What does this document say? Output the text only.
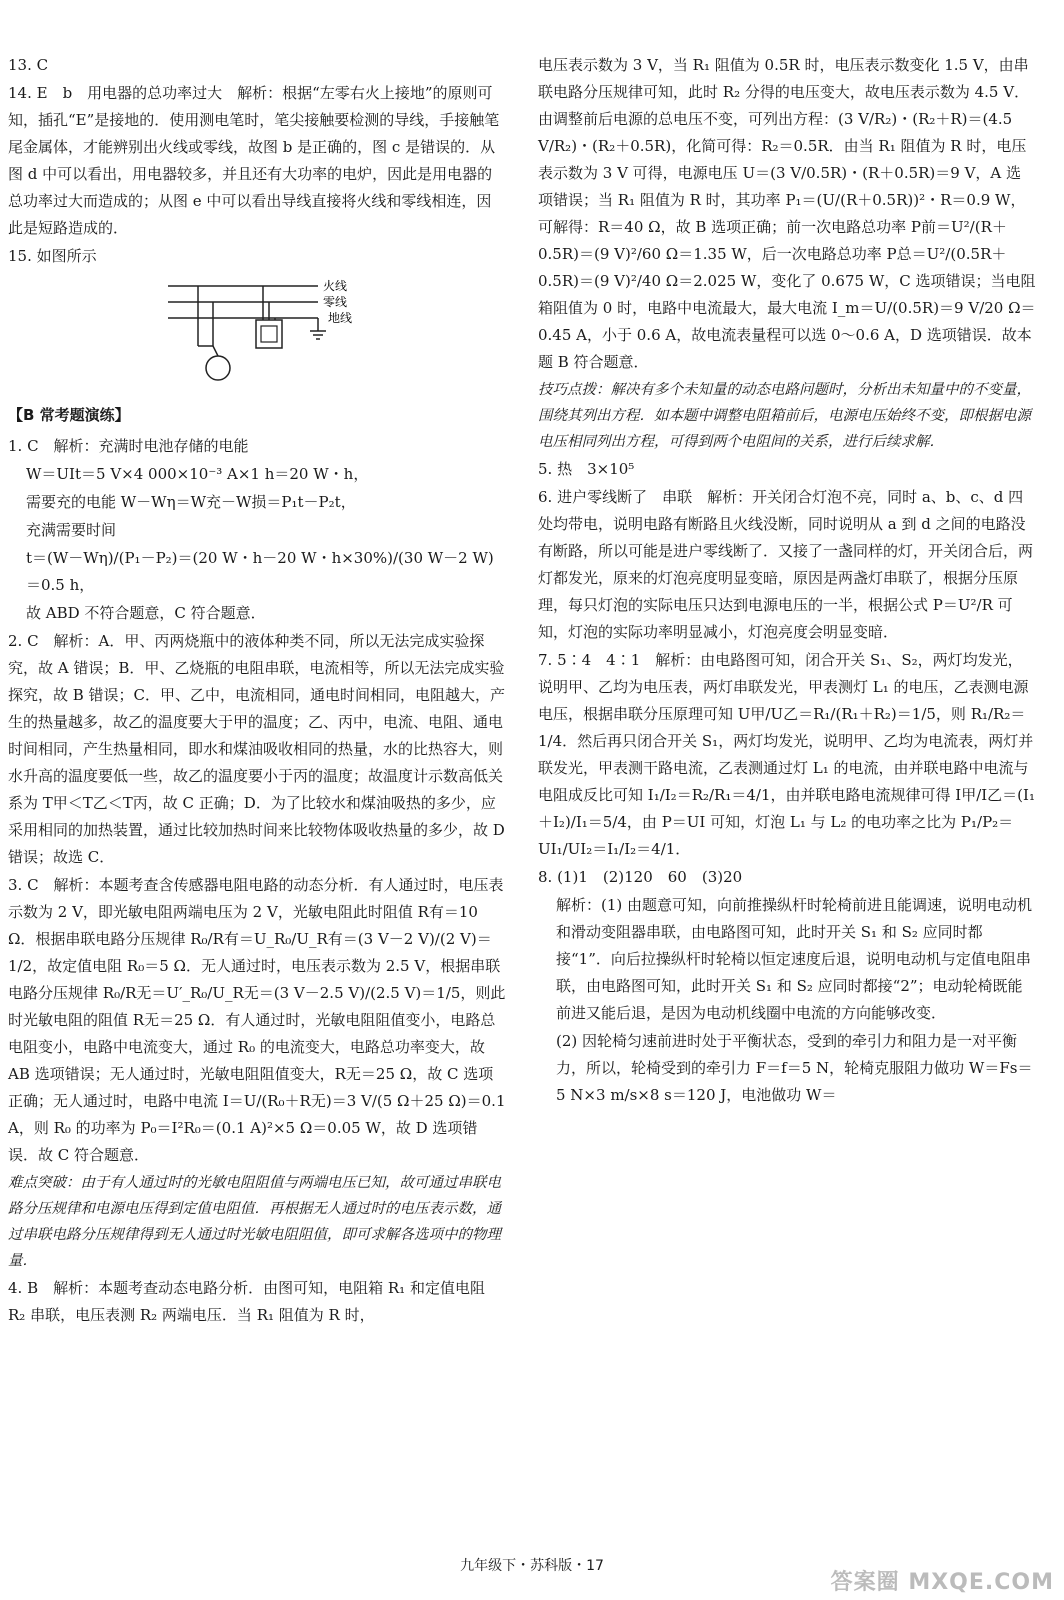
13. C

14. E　b　用电器的总功率过大　解析：根据“左零右火上接地”的原则可知，插孔“E”是接地的．使用测电笔时，笔尖接触要检测的导线，手接触笔尾金属体，才能辨别出火线或零线，故图 b 是正确的，图 c 是错误的．从图 d 中可以看出，用电器较多，并且还有大功率的电炉，因此是用电器的总功率过大而造成的；从图 e 中可以看出导线直接将火线和零线相连，因此是短路造成的．

15. 如图所示

火线
零线
地线

【B 常考题演练】

1. C　解析：充满时电池存储的电能

W＝UIt＝5 V×4 000×10⁻³ A×1 h＝20 W・h，

需要充的电能 W－Wη＝W充－W损＝P₁t－P₂t，

充满需要时间

t＝(W－Wη)/(P₁－P₂)＝(20 W・h－20 W・h×30%)/(30 W－2 W)＝0.5 h，

故 ABD 不符合题意，C 符合题意．

2. C　解析：A．甲、丙两烧瓶中的液体种类不同，所以无法完成实验探究，故 A 错误；B．甲、乙烧瓶的电阻串联，电流相等，所以无法完成实验探究，故 B 错误；C．甲、乙中，电流相同，通电时间相同，电阻越大，产生的热量越多，故乙的温度要大于甲的温度；乙、丙中，电流、电阻、通电时间相同，产生热量相同，即水和煤油吸收相同的热量，水的比热容大，则水升高的温度要低一些，故乙的温度要小于丙的温度；故温度计示数高低关系为 T甲＜T乙＜T丙，故 C 正确；D．为了比较水和煤油吸热的多少，应采用相同的加热装置，通过比较加热时间来比较物体吸收热量的多少，故 D 错误；故选 C．

3. C　解析：本题考查含传感器电阻电路的动态分析．有人通过时，电压表示数为 2 V，即光敏电阻两端电压为 2 V，光敏电阻此时阻值 R有＝10 Ω．根据串联电路分压规律 R₀/R有＝U_R₀/U_R有＝(3 V－2 V)/(2 V)＝1/2，故定值电阻 R₀＝5 Ω．无人通过时，电压表示数为 2.5 V，根据串联电路分压规律 R₀/R无＝U′_R₀/U_R无＝(3 V－2.5 V)/(2.5 V)＝1/5，则此时光敏电阻的阻值 R无＝25 Ω．有人通过时，光敏电阻阻值变小，电路总电阻变小，电路中电流变大，通过 R₀ 的电流变大，电路总功率变大，故 AB 选项错误；无人通过时，光敏电阻阻值变大，R无＝25 Ω，故 C 选项正确；无人通过时，电路中电流 I＝U/(R₀＋R无)＝3 V/(5 Ω＋25 Ω)＝0.1 A，则 R₀ 的功率为 P₀＝I²R₀＝(0.1 A)²×5 Ω＝0.05 W，故 D 选项错误．故 C 符合题意．

难点突破：由于有人通过时的光敏电阻阻值与两端电压已知，故可通过串联电路分压规律和电源电压得到定值电阻值．再根据无人通过时的电压表示数，通过串联电路分压规律得到无人通过时光敏电阻阻值，即可求解各选项中的物理量．

4. B　解析：本题考查动态电路分析．由图可知，电阻箱 R₁ 和定值电阻 R₂ 串联，电压表测 R₂ 两端电压．当 R₁ 阻值为 R 时，

电压表示数为 3 V，当 R₁ 阻值为 0.5R 时，电压表示数变化 1.5 V，由串联电路分压规律可知，此时 R₂ 分得的电压变大，故电压表示数为 4.5 V．由调整前后电源的总电压不变，可列出方程：(3 V/R₂)・(R₂＋R)＝(4.5 V/R₂)・(R₂＋0.5R)，化简可得：R₂＝0.5R．由当 R₁ 阻值为 R 时，电压表示数为 3 V 可得，电源电压 U＝(3 V/0.5R)・(R＋0.5R)＝9 V，A 选项错误；当 R₁ 阻值为 R 时，其功率 P₁＝(U/(R＋0.5R))²・R＝0.9 W，可解得：R＝40 Ω，故 B 选项正确；前一次电路总功率 P前＝U²/(R＋0.5R)＝(9 V)²/60 Ω＝1.35 W，后一次电路总功率 P总＝U²/(0.5R＋0.5R)＝(9 V)²/40 Ω＝2.025 W，变化了 0.675 W，C 选项错误；当电阻箱阻值为 0 时，电路中电流最大，最大电流 I_m＝U/(0.5R)＝9 V/20 Ω＝0.45 A，小于 0.6 A，故电流表量程可以选 0～0.6 A，D 选项错误．故本题 B 符合题意．

技巧点拨：解决有多个未知量的动态电路问题时，分析出未知量中的不变量，围绕其列出方程．如本题中调整电阻箱前后，电源电压始终不变，即根据电源电压相同列出方程，可得到两个电阻间的关系，进行后续求解．

5. 热　3×10⁵

6. 进户零线断了　串联　解析：开关闭合灯泡不亮，同时 a、b、c、d 四处均带电，说明电路有断路且火线没断，同时说明从 a 到 d 之间的电路没有断路，所以可能是进户零线断了．又接了一盏同样的灯，开关闭合后，两灯都发光，原来的灯泡亮度明显变暗，原因是两盏灯串联了，根据分压原理，每只灯泡的实际电压只达到电源电压的一半，根据公式 P＝U²/R 可知，灯泡的实际功率明显减小，灯泡亮度会明显变暗．

7. 5∶4　4∶1　解析：由电路图可知，闭合开关 S₁、S₂，两灯均发光，说明甲、乙均为电压表，两灯串联发光，甲表测灯 L₁ 的电压，乙表测电源电压，根据串联分压原理可知 U甲/U乙＝R₁/(R₁＋R₂)＝1/5，则 R₁/R₂＝1/4．然后再只闭合开关 S₁，两灯均发光，说明甲、乙均为电流表，两灯并联发光，甲表测干路电流，乙表测通过灯 L₁ 的电流，由并联电路中电流与电阻成反比可知 I₁/I₂＝R₂/R₁＝4/1，由并联电路电流规律可得 I甲/I乙＝(I₁＋I₂)/I₁＝5/4，由 P＝UI 可知，灯泡 L₁ 与 L₂ 的电功率之比为 P₁/P₂＝UI₁/UI₂＝I₁/I₂＝4/1．

8. (1)1　(2)120　60　(3)20

解析：(1) 由题意可知，向前推操纵杆时轮椅前进且能调速，说明电动机和滑动变阻器串联，由电路图可知，此时开关 S₁ 和 S₂ 应同时都接“1”．向后拉操纵杆时轮椅以恒定速度后退，说明电动机与定值电阻串联，由电路图可知，此时开关 S₁ 和 S₂ 应同时都接“2”；电动轮椅既能前进又能后退，是因为电动机线圈中电流的方向能够改变．

(2) 因轮椅匀速前进时处于平衡状态，受到的牵引力和阻力是一对平衡力，所以，轮椅受到的牵引力 F＝f＝5 N，轮椅克服阻力做功 W＝Fs＝5 N×3 m/s×8 s＝120 J，电池做功 W＝

九年级下・苏科版・17
答案圈 MXQE.COM
